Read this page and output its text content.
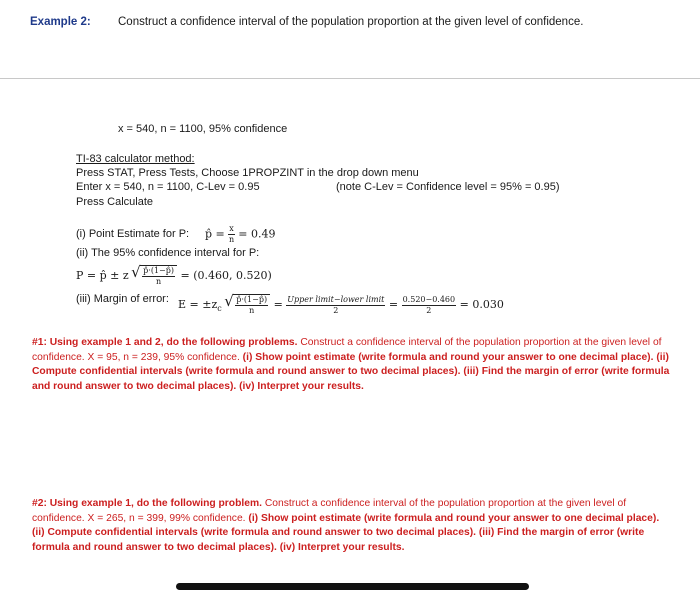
Example 2: Construct a confidence interval of the population proportion at the given level of confidence.
x = 540, n = 1100, 95% confidence
TI-83 calculator method:
Press STAT, Press Tests, Choose 1PROPZINT in the drop down menu
Enter x = 540, n = 1100, C-Lev = 0.95	(note C-Lev = Confidence level = 95% = 0.95)
Press Calculate
(i) Point Estimate for P: p̂ = $\frac{x}{n} = 0.49$
(ii) The 95% confidence interval for P:
P = p̂ ± z √ $\frac{p̂\cdot(1-p̂)}{n} = (0.460$, 0.520)
(iii) Margin of error: $E = \pm z_c$ √ $\frac{p̂\cdot(1-p̂)}{n} = \frac{\text{Upper limit−lower limit}}{2} = \frac{0.520-0.460}{2} = 0.030$
#1: Using example 1 and 2, do the following problems. Construct a confidence interval of the population proportion at the given level of confidence. X = 95, n = 239, 95% confidence. (i) Show point estimate (write formula and round your answer to one decimal place). (ii) Compute confidential intervals (write formula and round answer to two decimal places). (iii) Find the margin of error (write formula and round answer to two decimal places). (iv) Interpret your results.
#2: Using example 1, do the following problem. Construct a confidence interval of the population proportion at the given level of confidence. X = 265, n = 399, 99% confidence. (i) Show point estimate (write formula and round your answer to one decimal place). (ii) Compute confidential intervals (write formula and round answer to two decimal places). (iii) Find the margin of error (write formula and round answer to two decimal places). (iv) Interpret your results.
